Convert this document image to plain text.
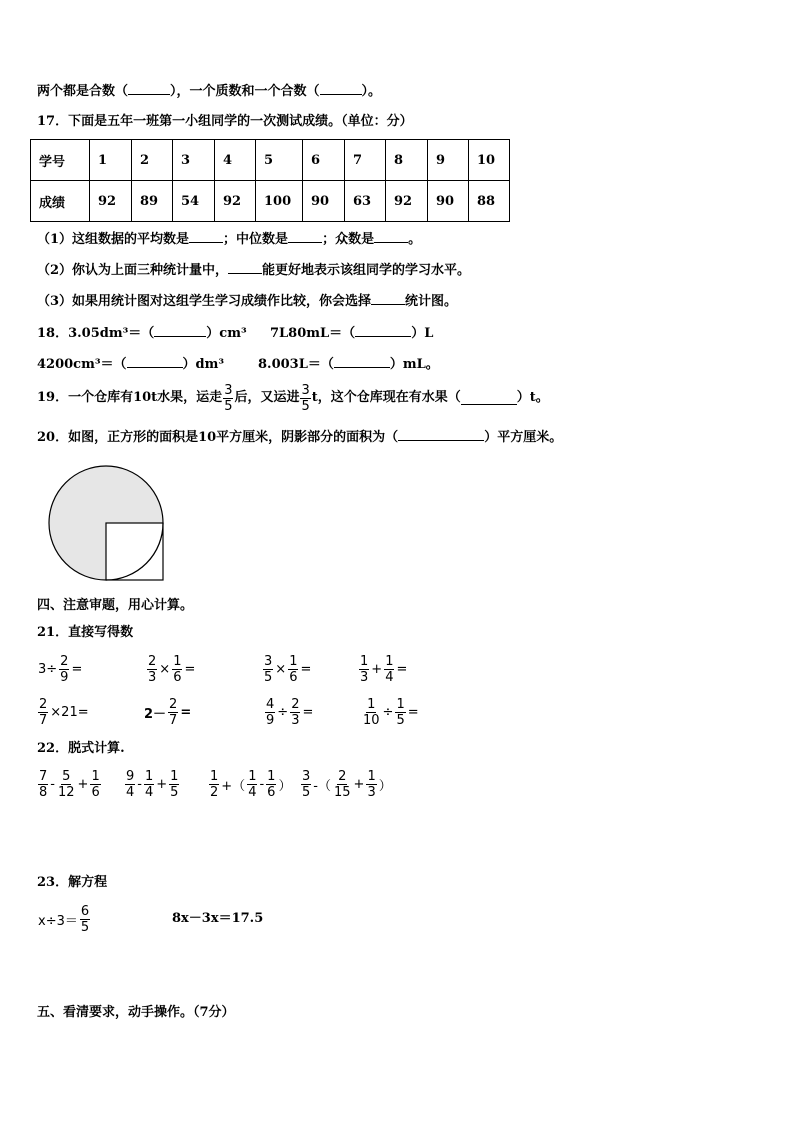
两个都是合数（	），一个质数和一个合数（	）。
17．下面是五年一班第一小组同学的一次测试成绩。（单位：分）
学号	1	2	3	4	5	6	7	8	9	10
成绩	92	89	54	92	100	90	63	92	90	88
（1）这组数据的平均数是	；中位数是	；众数是	。
（2）你认为上面三种统计量中，	能更好地表示该组同学的学习水平。
（3）如果用统计图对这组学生学习成绩作比较，你会选择	统计图。
18．3.05dm³＝（	）cm³ 7L80mL＝（	）L
4200cm³＝（	）dm³	8.003L＝（	）mL。
19．一个仓库有10t水果，运走 $\frac{3}{5}$ 后，又运进 $\frac{3}{5}$ t，这个仓库现在有水果（	）t。
20．如图，正方形的面积是10平方厘米，阴影部分的面积为（	）平方厘米。
四、注意审题，用心计算。
21．直接写得数
$3\div \frac{2}{9}$ =	$\frac{2}{3} \times \frac{1}{6}$ =	$\frac{3}{5} \times \frac{1}{6}$ =	$\frac{1}{3} + \frac{1}{4}$ =
$\frac{2}{7} \times 21=$	$2- \frac{2}{7}$ =	$\frac{4}{9} \div \frac{2}{3}$ =	$\frac{1}{10} \div \frac{1}{5}$ =
22．脱式计算.
$\frac{7}{8} - \frac{5}{12} + \frac{1}{6} \frac{9}{4} - \frac{1}{4} + \frac{1}{5} \frac{1}{2}$ +（ $\frac{1}{4} - \frac{1}{6}$ ） $\frac{3}{5}$ -（ $\frac{2}{15} + \frac{1}{3}$ ）
23．解方程
$x\div 3= \frac{6}{5}$	8x－3x＝17.5
五、看清要求，动手操作。（7分）
